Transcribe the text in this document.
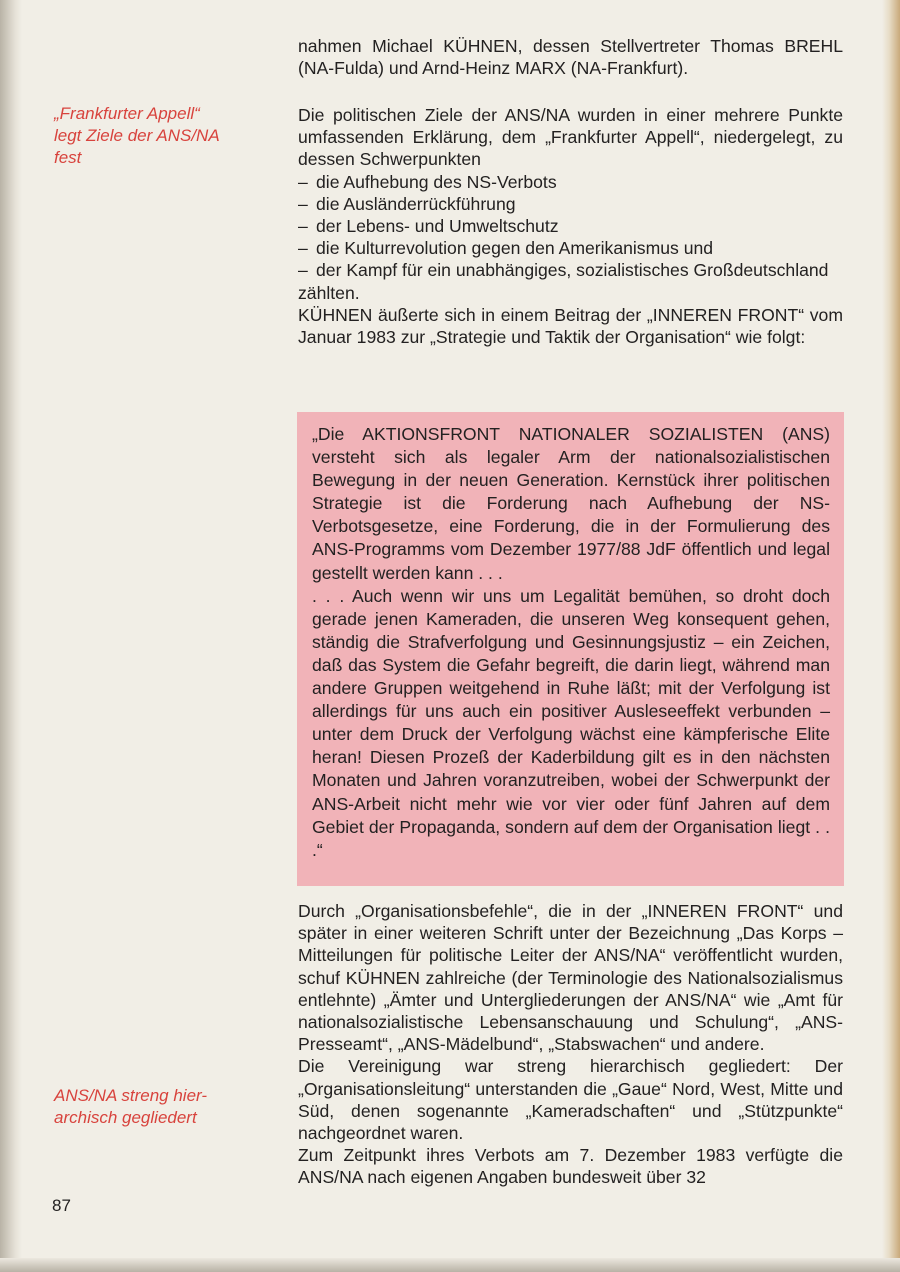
„Frankfurter Appell“
legt Ziele der ANS/NA
fest
ANS/NA streng hier-
archisch gegliedert
87

nahmen Michael KÜHNEN, dessen Stellvertreter Thomas BREHL (NA-Fulda) und Arnd-Heinz MARX (NA-Frankfurt).

Die politischen Ziele der ANS/NA wurden in einer mehrere Punkte umfassenden Erklärung, dem „Frankfurter Appell“, niedergelegt, zu dessen Schwerpunkten

– die Aufhebung des NS-Verbots
– die Ausländerrückführung
– der Lebens- und Umweltschutz
– die Kulturrevolution gegen den Amerikanismus und
– der Kampf für ein unabhängiges, sozialistisches Großdeutschland

zählten.

KÜHNEN äußerte sich in einem Beitrag der „INNEREN FRONT“ vom Januar 1983 zur „Strategie und Taktik der Organisation“ wie folgt:

„Die AKTIONSFRONT NATIONALER SOZIALISTEN (ANS) versteht sich als legaler Arm der nationalsozialistischen Bewegung in der neuen Generation. Kernstück ihrer politischen Strategie ist die Forderung nach Aufhebung der NS-Verbotsgesetze, eine Forderung, die in der Formulierung des ANS-Programms vom Dezember 1977/88 JdF öffentlich und legal gestellt werden kann . . .

. . . Auch wenn wir uns um Legalität bemühen, so droht doch gerade jenen Kameraden, die unseren Weg konsequent gehen, ständig die Strafverfolgung und Gesinnungsjustiz – ein Zeichen, daß das System die Gefahr begreift, die darin liegt, während man andere Gruppen weitgehend in Ruhe läßt; mit der Verfolgung ist allerdings für uns auch ein positiver Ausleseeffekt verbunden – unter dem Druck der Verfolgung wächst eine kämpferische Elite heran! Diesen Prozeß der Kaderbildung gilt es in den nächsten Monaten und Jahren voranzutreiben, wobei der Schwerpunkt der ANS-Arbeit nicht mehr wie vor vier oder fünf Jahren auf dem Gebiet der Propaganda, sondern auf dem der Organisation liegt . . .“

Durch „Organisationsbefehle“, die in der „INNEREN FRONT“ und später in einer weiteren Schrift unter der Bezeichnung „Das Korps – Mitteilungen für politische Leiter der ANS/NA“ veröffentlicht wurden, schuf KÜHNEN zahlreiche (der Terminologie des Nationalsozialismus entlehnte) „Ämter und Untergliederungen der ANS/NA“ wie „Amt für nationalsozialistische Lebensanschauung und Schulung“, „ANS-Presseamt“, „ANS-Mädelbund“, „Stabswachen“ und andere.

Die Vereinigung war streng hierarchisch gegliedert: Der „Organisationsleitung“ unterstanden die „Gaue“ Nord, West, Mitte und Süd, denen sogenannte „Kameradschaften“ und „Stützpunkte“ nachgeordnet waren.

Zum Zeitpunkt ihres Verbots am 7. Dezember 1983 verfügte die ANS/NA nach eigenen Angaben bundesweit über 32
